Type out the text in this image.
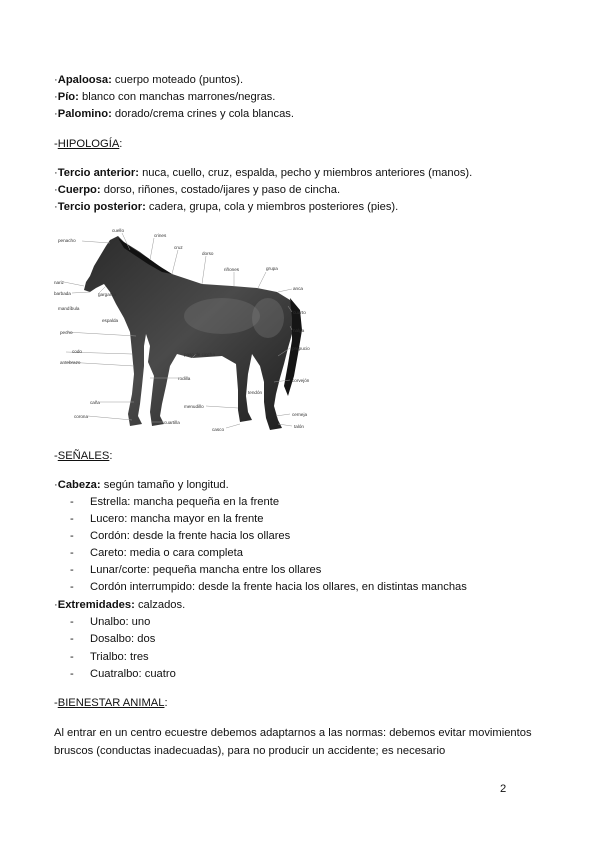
·Apaloosa: cuerpo moteado (puntos).
·Pío: blanco con manchas marrones/negras.
·Palomino: dorado/crema crines y cola blancas.
-HIPOLOGÍA:
·Tercio anterior: nuca, cuello, cruz, espalda, pecho y miembros anteriores (manos).
·Cuerpo: dorso, riñones, costado/ijares y paso de cincha.
·Tercio posterior: cadera, grupa, cola y miembros posteriores (pies).
penacho
cuello
crines
cruz
dorso
riñones	grupa
anca
nariz
barbada	garganta
mandíbula
espalda
cuarto
nalga
pecho
prepucio
paso de cincha
codo
antebrazo
rodilla	corvejón
tendón
caña
menudillo
cerneja
corona
cuartilla
casco
talón
-SEÑALES:
·Cabeza: según tamaño y longitud.
- Estrella: mancha pequeña en la frente
- Lucero: mancha mayor en la frente
- Cordón: desde la frente hacia los ollares
- Careto: media o cara completa
- Lunar/corte: pequeña mancha entre los ollares
- Cordón interrumpido: desde la frente hacia los ollares, en distintas manchas
·Extremidades: calzados.
- Unalbo: uno
- Dosalbo: dos
- Trialbo: tres
- Cuatralbo: cuatro
-BIENESTAR ANIMAL:
Al entrar en un centro ecuestre debemos adaptarnos a las normas: debemos evitar movimientos bruscos (conductas inadecuadas), para no producir un accidente; es necesario
2
